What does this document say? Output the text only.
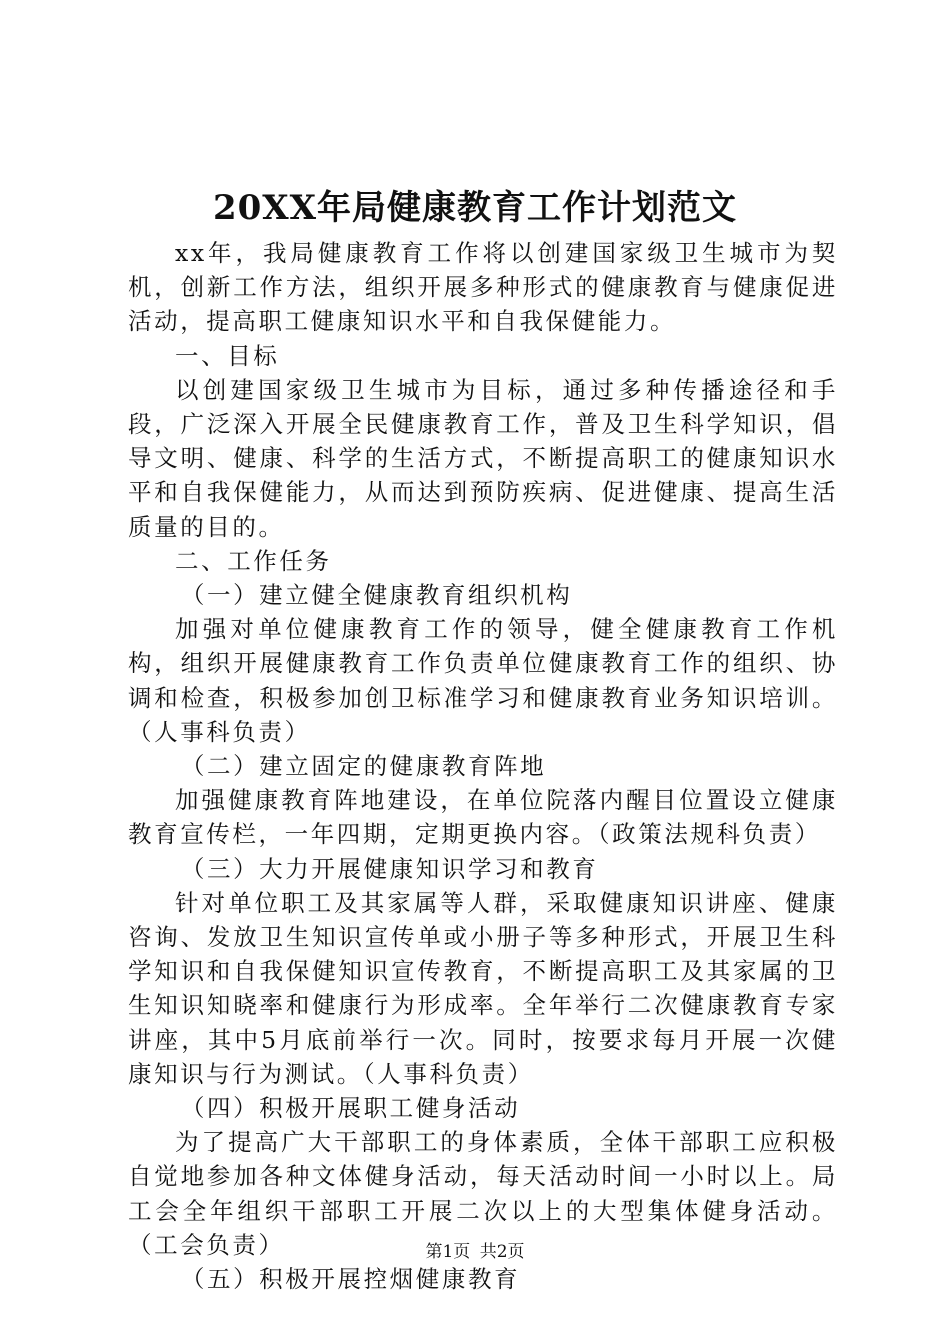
20XX年局健康教育工作计划范文

xx年，我局健康教育工作将以创建国家级卫生城市为契机，创新工作方法，组织开展多种形式的健康教育与健康促进活动，提高职工健康知识水平和自我保健能力。

一、目标

以创建国家级卫生城市为目标，通过多种传播途径和手段，广泛深入开展全民健康教育工作，普及卫生科学知识，倡导文明、健康、科学的生活方式，不断提高职工的健康知识水平和自我保健能力，从而达到预防疾病、促进健康、提高生活质量的目的。

二、工作任务

（一）建立健全健康教育组织机构

加强对单位健康教育工作的领导，健全健康教育工作机构，组织开展健康教育工作负责单位健康教育工作的组织、协调和检查，积极参加创卫标准学习和健康教育业务知识培训。（人事科负责）

（二）建立固定的健康教育阵地

加强健康教育阵地建设，在单位院落内醒目位置设立健康教育宣传栏，一年四期，定期更换内容。（政策法规科负责）

（三）大力开展健康知识学习和教育

针对单位职工及其家属等人群，采取健康知识讲座、健康咨询、发放卫生知识宣传单或小册子等多种形式，开展卫生科学知识和自我保健知识宣传教育，不断提高职工及其家属的卫生知识知晓率和健康行为形成率。全年举行二次健康教育专家讲座，其中5月底前举行一次。同时，按要求每月开展一次健康知识与行为测试。（人事科负责）

（四）积极开展职工健身活动

为了提高广大干部职工的身体素质，全体干部职工应积极自觉地参加各种文体健身活动，每天活动时间一小时以上。局工会全年组织干部职工开展二次以上的大型集体健身活动。（工会负责）

（五）积极开展控烟健康教育

第1页 共2页
